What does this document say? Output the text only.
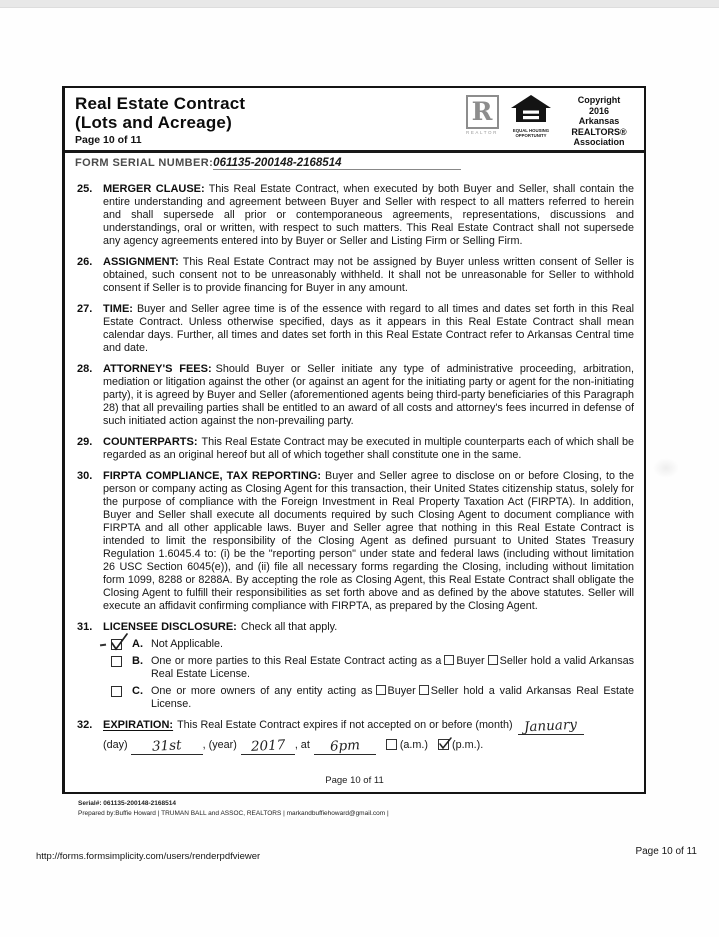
Real Estate Contract
(Lots and Acreage)
Page 10 of 11
R
REALTOR	EQUAL HOUSING
OPPORTUNITY
Copyright
2016
Arkansas
REALTORS®
Association
FORM SERIAL NUMBER:061135-200148-2168514
25. MERGER CLAUSE: This Real Estate Contract, when executed by both Buyer and Seller, shall contain the entire understanding and agreement between Buyer and Seller with respect to all matters referred to herein and shall supersede all prior or contemporaneous agreements, representations, discussions and understandings, oral or written, with respect to such matters. This Real Estate Contract shall not supersede any agency agreements entered into by Buyer or Seller and Listing Firm or Selling Firm.
26. ASSIGNMENT: This Real Estate Contract may not be assigned by Buyer unless written consent of Seller is obtained, such consent not to be unreasonably withheld. It shall not be unreasonable for Seller to withhold consent if Seller is to provide financing for Buyer in any amount.
27. TIME: Buyer and Seller agree time is of the essence with regard to all times and dates set forth in this Real Estate Contract. Unless otherwise specified, days as it appears in this Real Estate Contract shall mean calendar days. Further, all times and dates set forth in this Real Estate Contract refer to Arkansas Central time and date.
28. ATTORNEY'S FEES: Should Buyer or Seller initiate any type of administrative proceeding, arbitration, mediation or litigation against the other (or against an agent for the initiating party or agent for the non-initiating party), it is agreed by Buyer and Seller (aforementioned agents being third-party beneficiaries of this Paragraph 28) that all prevailing parties shall be entitled to an award of all costs and attorney's fees incurred in defense of such initiated action against the non-prevailing party.
29. COUNTERPARTS: This Real Estate Contract may be executed in multiple counterparts each of which shall be regarded as an original hereof but all of which together shall constitute one in the same.
30. FIRPTA COMPLIANCE, TAX REPORTING: Buyer and Seller agree to disclose on or before Closing, to the person or company acting as Closing Agent for this transaction, their United States citizenship status, solely for the purpose of compliance with the Foreign Investment in Real Property Taxation Act (FIRPTA). In addition, Buyer and Seller shall execute all documents required by such Closing Agent to document compliance with FIRPTA and all other applicable laws. Buyer and Seller agree that nothing in this Real Estate Contract is intended to limit the responsibility of the Closing Agent as defined pursuant to United States Treasury Regulation 1.6045.4 to: (i) be the "reporting person" under state and federal laws (including without limitation 26 USC Section 6045(e)), and (ii) file all necessary forms regarding the Closing, including without limitation form 1099, 8288 or 8288A. By accepting the role as Closing Agent, this Real Estate Contract shall obligate the Closing Agent to fulfill their responsibilities as set forth above and as defined by the above statutes. Seller will execute an affidavit confirming compliance with FIRPTA, as prepared by the Closing Agent.
31. LICENSEE DISCLOSURE: Check all that apply.
A. Not Applicable.
B. One or more parties to this Real Estate Contract acting as a Buyer Seller hold a valid Arkansas Real Estate License.
C. One or more owners of any entity acting as Buyer Seller hold a valid Arkansas Real Estate License.
32. EXPIRATION: This Real Estate Contract expires if not accepted on or before (month) January
(day) 31st , (year) 2017 , at 6pm	(a.m.) (p.m.).
Page 10 of 11
Serial#: 061135-200148-2168514
Prepared by:Buffie Howard | TRUMAN BALL and ASSOC, REALTORS | markandbuffiehoward@gmail.com |
http://forms.formsimplicity.com/users/renderpdfviewer	Page 10 of 11
